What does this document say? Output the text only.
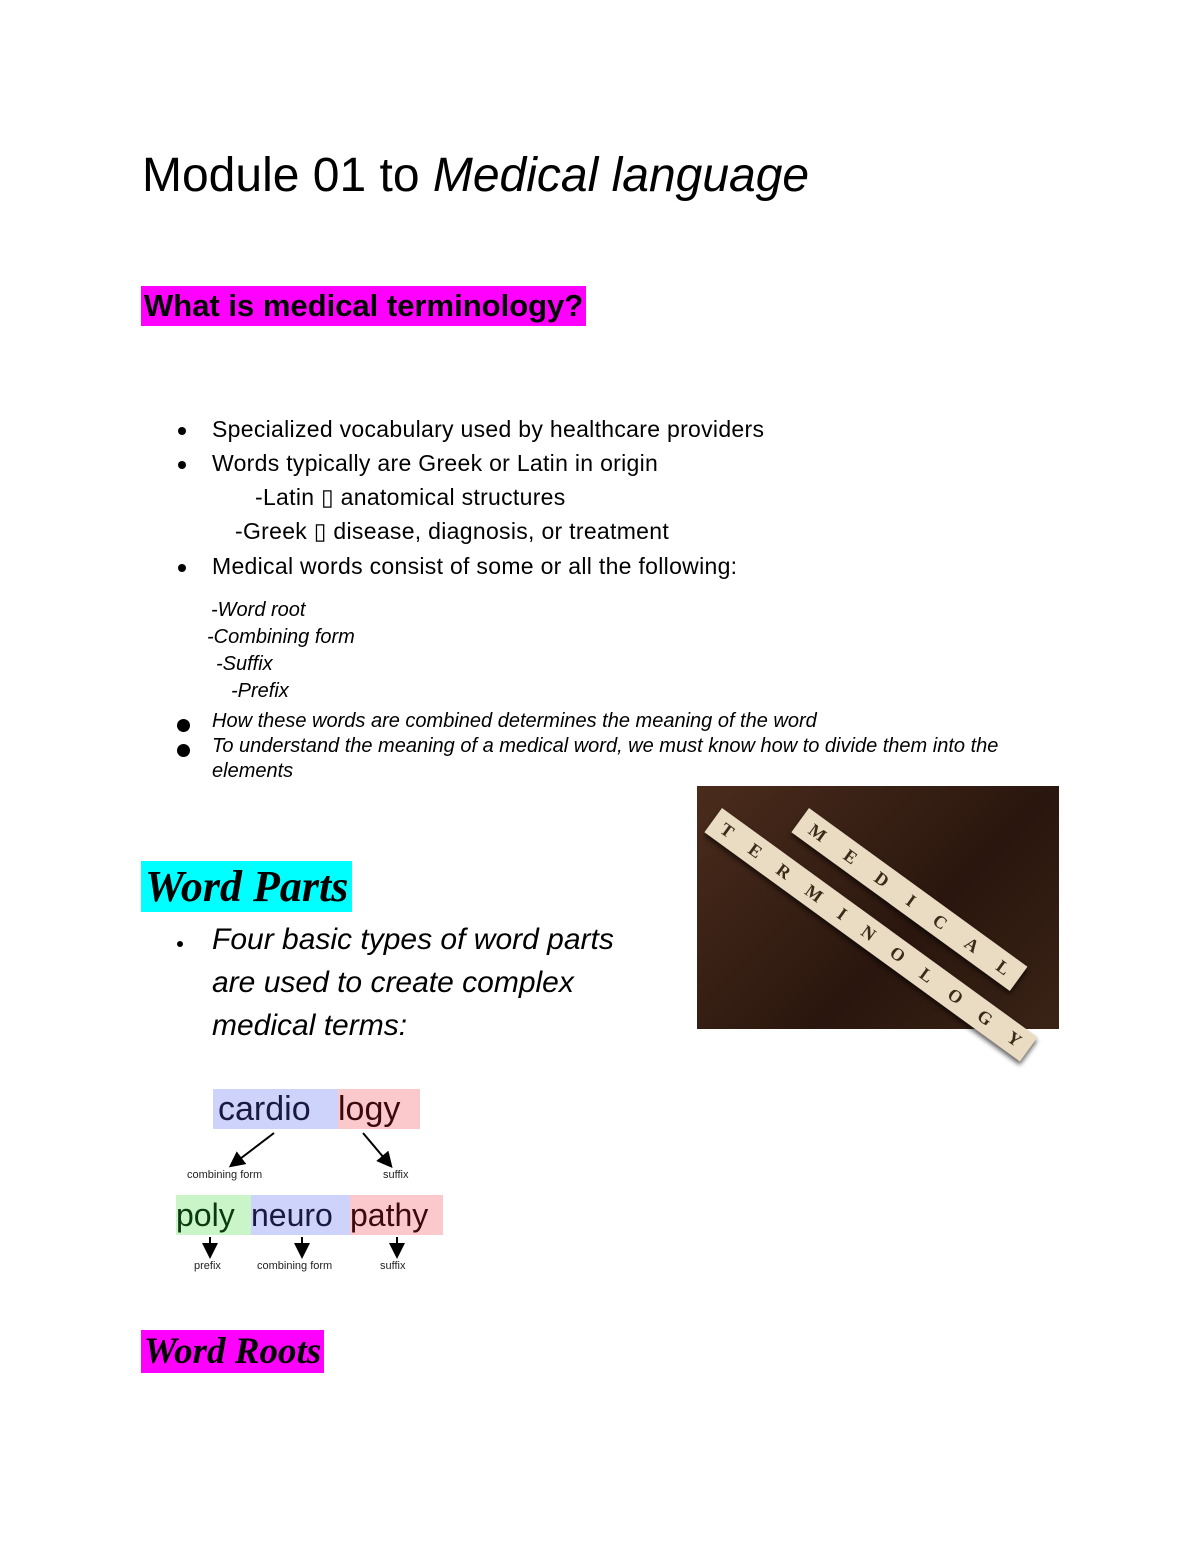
Module 01 to Medical language
What is medical terminology?
Specialized vocabulary used by healthcare providers
Words typically are Greek or Latin in origin
-Latin ▯ anatomical structures
-Greek ▯ disease, diagnosis, or treatment
Medical words consist of some or all the following:
-Word root
-Combining form
-Suffix
-Prefix
How these words are combined determines the meaning of the word
To understand the meaning of a medical word, we must know how to divide them into the
elements
M
E
D
I
C
A
L
T
E
R
M
I
N
O
L
O
G
Y
Word Parts
Four basic types of word parts
are used to create complex
medical terms:
cardio logy
combining form	suffix
poly neuro pathy
prefix	combining form	suffix
Word Roots
